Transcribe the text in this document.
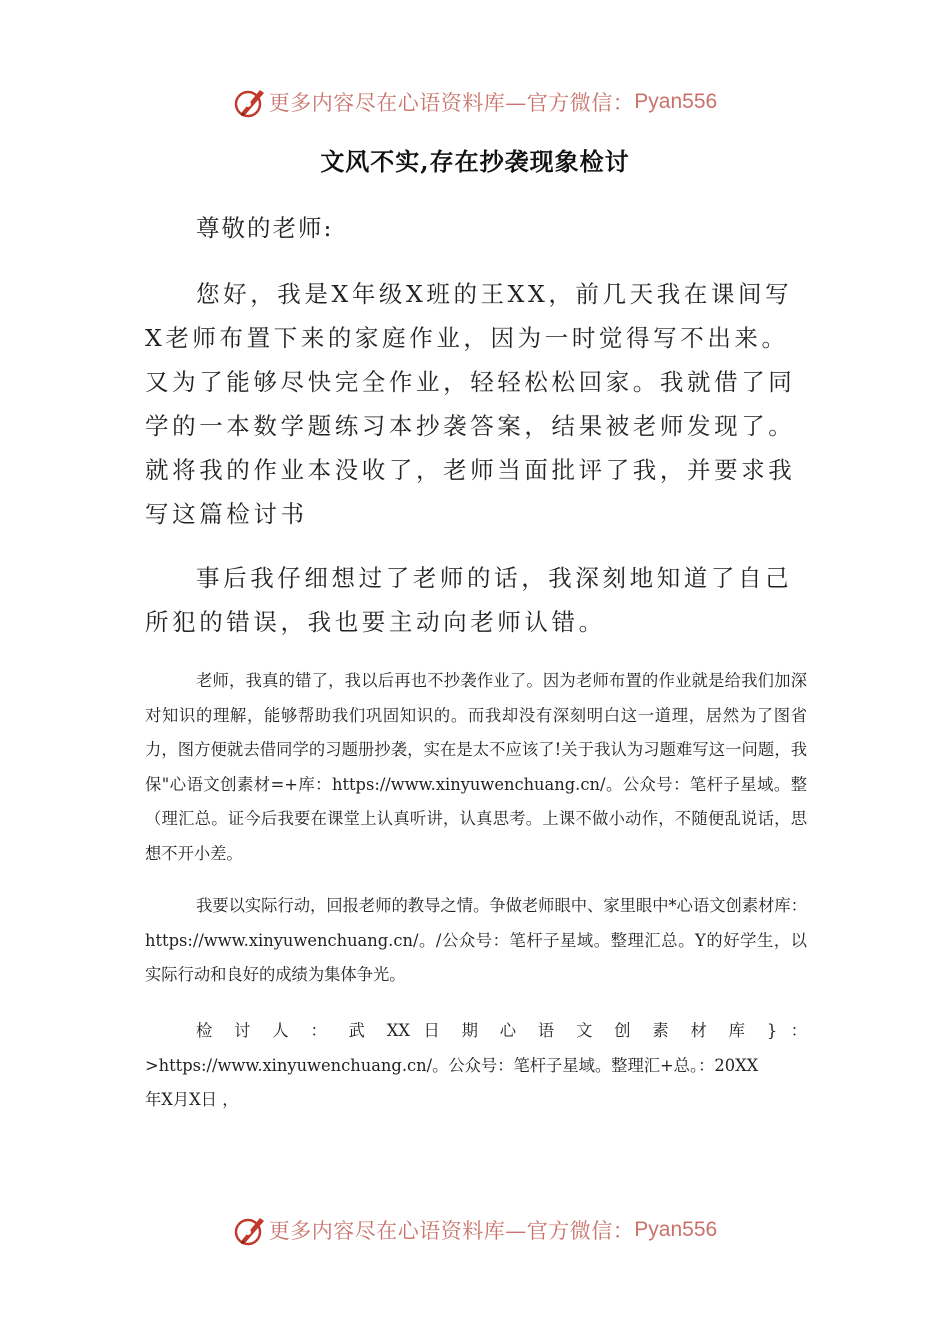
更多内容尽在心语资料库—官方微信： Pyan556
文风不实,存在抄袭现象检讨
尊敬的老师:
您好，我是X年级X班的王XX，前几天我在课间写X老师布置下来的家庭作业，因为一时觉得写不出来。又为了能够尽快完全作业，轻轻松松回家。我就借了同学的一本数学题练习本抄袭答案，结果被老师发现了。就将我的作业本没收了，老师当面批评了我，并要求我写这篇检讨书
事后我仔细想过了老师的话，我深刻地知道了自己所犯的错误，我也要主动向老师认错。
老师，我真的错了，我以后再也不抄袭作业了。因为老师布置的作业就是给我们加深对知识的理解，能够帮助我们巩固知识的。而我却没有深刻明白这一道理，居然为了图省力，图方便就去借同学的习题册抄袭，实在是太不应该了!关于我认为习题难写这一问题，我保"心语文创素材=+库：https://www.xinyuwenchuang.cn/。公众号：笔杆子星域。整（理汇总。证今后我要在课堂上认真听讲，认真思考。上课不做小动作，不随便乱说话，思想不开小差。
我要以实际行动，回报老师的教导之情。争做老师眼中、家里眼中*心语文创素材库：https://www.xinyuwenchuang.cn/。/公众号：笔杆子星域。整理汇总。Y的好学生，以实际行动和良好的成绩为集体争光。
检 讨 人 ： 武 XX 日 期 心 语 文 创 素 材 库 } ：
>https://www.xinyuwenchuang.cn/。公众号：笔杆子星域。整理汇+总。：20XX
年X月X日 ，
更多内容尽在心语资料库—官方微信： Pyan556
